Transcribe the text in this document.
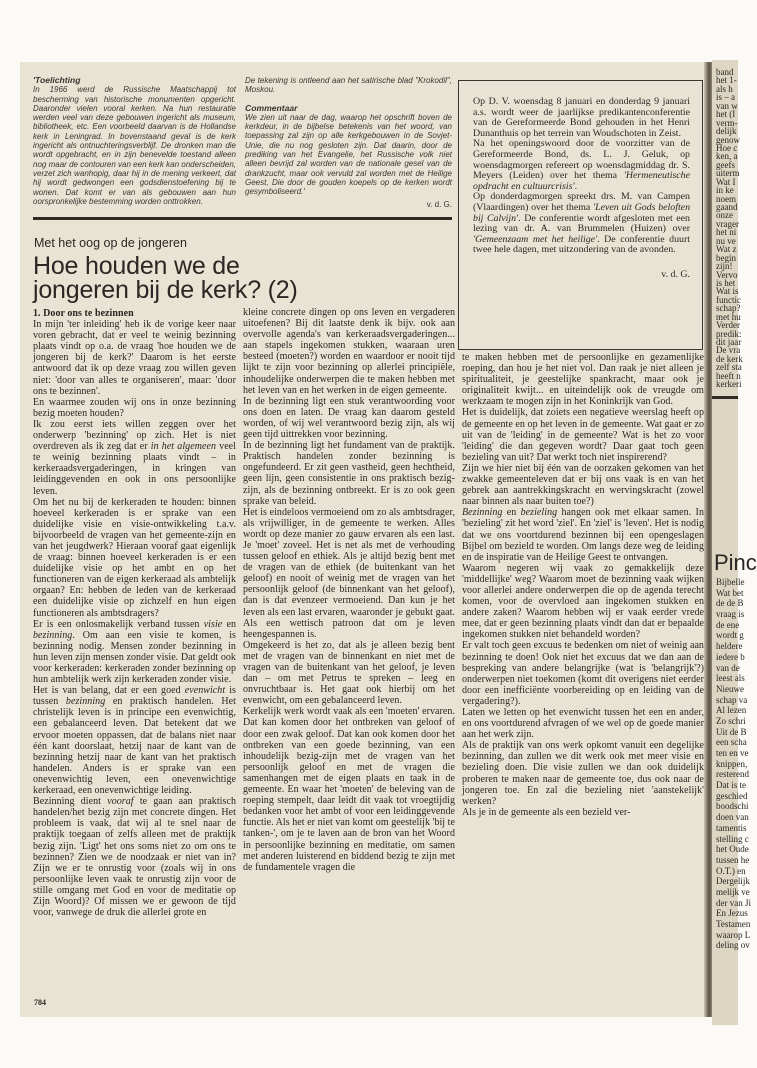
'Toelichting

In 1966 werd de Russische Maatschappij tot bescherming van historische monumenten opgericht. Daaronder vielen vooral kerken. Na hun restauratie werden veel van deze gebouwen ingericht als museum, bibliotheek, etc. Een voorbeeld daarvan is de Hollandse kerk in Leningrad. In bovenstaand geval is de kerk ingericht als ontnuchteringsverblijf. De dronken man die wordt opgebracht, en in zijn benevelde toestand alleen nog maar de contouren van een kerk kan onderscheiden, verzet zich wanhopig, daar hij in de mening verkeert, dat hij wordt gedwongen een godsdienstoefening bij te wonen. Dat komt er van als gebouwen aan hun oorspronkelijke bestemming worden onttrokken.

De tekening is ontleend aan het satirische blad "Krokodil", Moskou.

Commentaar

We zien uit naar de dag, waarop het opschrift boven de kerkdeur, in de bijbelse betekenis van het woord, van toepassing zal zijn op alle kerkgebouwen in de Sovjet-Unie, die nu nog gesloten zijn. Dat daarin, door de prediking van het Evangelie, het Russische volk niet alleen bevrijd zal worden van de nationale gesel van de drankzucht, maar ook vervuld zal worden met de Heilige Geest, Die door de gouden koepels op de kerken wordt gesymboliseerd.'

v. d. G.

Op D. V. woensdag 8 januari en donderdag 9 januari a.s. wordt weer de jaarlijkse predikantenconferentie van de Gereformeerde Bond gehouden in het Henri Dunanthuis op het terrein van Woudschoten in Zeist.

Na het openingswoord door de voorzitter van de Gereformeerde Bond, ds. L. J. Geluk, op woensdagmorgen refereert op woensdagmiddag dr. S. Meyers (Leiden) over het thema 'Hermeneutische opdracht en cultuurcrisis'.

Op donderdagmorgen spreekt drs. M. van Campen (Vlaardingen) over het thema 'Leven uit Gods beloften bij Calvijn'. De conferentie wordt afgesloten met een lezing van dr. A. van Brummelen (Huizen) over 'Gemeenzaam met het heilige'. De conferentie duurt twee hele dagen, met uitzondering van de avonden.

v. d. G.

Met het oog op de jongeren
Hoe houden we de
jongeren bij de kerk? (2)
1. Door ons te bezinnen

In mijn 'ter inleiding' heb ik de vorige keer naar voren gebracht, dat er veel te weinig bezinning plaats vindt op o.a. de vraag 'hoe houden we de jongeren bij de kerk?' Daarom is het eerste antwoord dat ik op deze vraag zou willen geven niet: 'door van alles te organiseren', maar: 'door ons te bezinnen'.

En waarmee zouden wij ons in onze bezinning bezig moeten houden?

Ik zou eerst iets willen zeggen over het onderwerp 'bezinning' op zich. Het is niet overdreven als ik zeg dat er in het algemeen veel te weinig bezinning plaats vindt – in kerkeraadsvergaderingen, in kringen van leidinggevenden en ook in ons persoonlijke leven.

Om het nu bij de kerkeraden te houden: binnen hoeveel kerkeraden is er sprake van een duidelijke visie en visie-ontwikkeling t.a.v. bijvoorbeeld de vragen van het gemeente-zijn en van het jeugdwerk? Hieraan vooraf gaat eigenlijk de vraag: binnen hoeveel kerkeraden is er een duidelijke visie op het ambt en op het functioneren van de eigen kerkeraad als ambtelijk orgaan? En: hebben de leden van de kerkeraad een duidelijke visie op zichzelf en hun eigen functioneren als ambtsdragers?

Er is een onlosmakelijk verband tussen visie en bezinning. Om aan een visie te komen, is bezinning nodig. Mensen zonder bezinning in hun leven zijn mensen zonder visie. Dat geldt ook voor kerkeraden: kerkeraden zonder bezinning op hun ambtelijk werk zijn kerkeraden zonder visie.

Het is van belang, dat er een goed evenwicht is tussen bezinning en praktisch handelen. Het christelijk leven is in principe een evenwichtig, een gebalanceerd leven. Dat betekent dat we ervoor moeten oppassen, dat de balans niet naar één kant doorslaat, hetzij naar de kant van de bezinning hetzij naar de kant van het praktisch handelen. Anders is er sprake van een onevenwichtig leven, een onevenwichtige kerkeraad, een onevenwichtige leiding.

Bezinning dient vooraf te gaan aan praktisch handelen/het bezig zijn met concrete dingen. Het probleem is vaak, dat wij al te snel naar de praktijk toegaan of zelfs alleen met de praktijk bezig zijn. 'Ligt' het ons soms niet zo om ons te bezinnen? Zien we de noodzaak er niet van in? Zijn we er te onrustig voor (zoals wij in ons persoonlijke leven vaak te onrustig zijn voor de stille omgang met God en voor de meditatie op Zijn Woord)? Of missen we er gewoon de tijd voor, vanwege de druk die allerlei grote en

kleine concrete dingen op ons leven en vergaderen uitoefenen? Bij dit laatste denk ik bijv. ook aan overvolle agenda's van kerkeraadsvergaderingen... aan stapels ingekomen stukken, waaraan uren besteed (moeten?) worden en waardoor er nooit tijd lijkt te zijn voor bezinning op allerlei principiële, inhoudelijke onderwerpen die te maken hebben met het leven van en het werken in de eigen gemeente.

In de bezinning ligt een stuk verantwoording voor ons doen en laten. De vraag kan daarom gesteld worden, of wij wel verantwoord bezig zijn, als wij geen tijd uittrekken voor bezinning.

In de bezinning ligt het fundament van de praktijk. Praktisch handelen zonder bezinning is ongefundeerd. Er zit geen vastheid, geen hechtheid, geen lijn, geen consistentie in ons praktisch bezig-zijn, als de bezinning ontbreekt. Er is zo ook geen sprake van beleid.

Het is eindeloos vermoeiend om zo als ambtsdrager, als vrijwilliger, in de gemeente te werken. Alles wordt op deze manier zo gauw ervaren als een last. Je 'moet' zoveel. Het is net als met de verhouding tussen geloof en ethiek. Als je altijd bezig bent met de vragen van de ethiek (de buitenkant van het geloof) en nooit of weinig met de vragen van het persoonlijk geloof (de binnenkant van het geloof), dan is dat evenzeer vermoeiend. Dan kun je het leven als een last ervaren, waaronder je gebukt gaat. Als een wettisch patroon dat om je leven heengespannen is.

Omgekeerd is het zo, dat als je alleen bezig bent met de vragen van de binnenkant en niet met de vragen van de buitenkant van het geloof, je leven dan – om met Petrus te spreken – leeg en onvruchtbaar is. Het gaat ook hierbij om het evenwicht, om een gebalanceerd leven.

Kerkelijk werk wordt vaak als een 'moeten' ervaren. Dat kan komen door het ontbreken van geloof of door een zwak geloof. Dat kan ook komen door het ontbreken van een goede bezinning, van een inhoudelijk bezig-zijn met de vragen van het persoonlijk geloof en met de vragen die samenhangen met de eigen plaats en taak in de gemeente. En waar het 'moeten' de beleving van de roeping stempelt, daar leidt dit vaak tot vroegtijdig bedanken voor het ambt of voor een leidinggevende functie. Als het er niet van komt om geestelijk 'bij te tanken-', om je te laven aan de bron van het Woord in persoonlijke bezinning en meditatie, om samen met anderen luisterend en biddend bezig te zijn met de fundamentele vragen die

te maken hebben met de persoonlijke en gezamenlijke roeping, dan hou je het niet vol. Dan raak je niet alleen je spiritualiteit, je geestelijke spankracht, maar ook je originaliteit kwijt... en uiteindelijk ook de vreugde om werkzaam te mogen zijn in het Koninkrijk van God.

Het is duidelijk, dat zoiets een negatieve weerslag heeft op de gemeente en op het leven in de gemeente. Wat gaat er zo uit van de 'leiding' in de gemeente? Wat is het zo voor 'leiding' die dan gegeven wordt? Daar gaat toch geen bezieling van uit? Dat werkt toch niet inspirerend?

Zijn we hier niet bij één van de oorzaken gekomen van het zwakke gemeenteleven dat er bij ons vaak is en van het gebrek aan aantrekkingskracht en wervingskracht (zowel naar binnen als naar buiten toe?)

Bezinning en bezieling hangen ook met elkaar samen. In 'bezieling' zit het word 'ziel'. En 'ziel' is 'leven'. Het is nodig dat we ons voortdurend bezinnen bij een opengeslagen Bijbel om bezield te worden. Om langs deze weg de leiding en de inspiratie van de Heilige Geest te ontvangen.

Waarom negeren wij vaak zo gemakkelijk deze 'middellijke' weg? Waarom moet de bezinning vaak wijken voor allerlei andere onderwerpen die op de agenda terecht komen, voor de overvloed aan ingekomen stukken en andere zaken? Waarom hebben wij er vaak eerder vrede mee, dat er geen bezinning plaats vindt dan dat er bepaalde ingekomen stukken niet behandeld worden?

Er valt toch geen excuus te bedenken om niet of weinig aan bezinning te doen! Ook niet het excuus dat we dan aan de bespreking van andere belangrijke (wat is 'belangrijk'?) onderwerpen niet toekomen (komt dit overigens niet eerder door een inefficiënte voorbereiding op en leiding van de vergadering?).

Laten we letten op het evenwicht tussen het een en ander, en ons voortdurend afvragen of we wel op de goede manier aan het werk zijn.

Als de praktijk van ons werk opkomt vanuit een degelijke bezinning, dan zullen we dit werk ook met meer visie en bezieling doen. Die visie zullen we dan ook duidelijk proberen te maken naar de gemeente toe, dus ook naar de jongeren toe. En zal die bezieling niet 'aanstekelijk' werken?

Als je in de gemeente als een bezield ver-

784
band
het 1-
als h
is – a
van w
het (I
verm-
delijk
genow
Hoe c
ken, a
geefs
uiterm
Wat I
in ke
noem
gaand
onze
vrager
het ni
nu ve
Wat z
begin
zijn!
Vervo
is het
Wat is
functic
schap?
met hu
Verder
predik:
dit jaar
De vra
de kerk
zelf sta
heeft n
kerkeri
Pinc
Bijbelle
Wat bet
de de B
vraag is
de ene
wordt g
heldere
iedere b
van de
leest als
Nieuwe
schap va
Al lezen
Zo schri
Uit de B
een scha
ten en ve
knippen,
resterend
Dat is te
geschied
boodschi
doen van
tamentis
stelling c
het Oude
tussen he
O.T.) en
Dergelijk
melijk ve
der van Ji
En Jezus
Testamen
waarop L
deling ov
